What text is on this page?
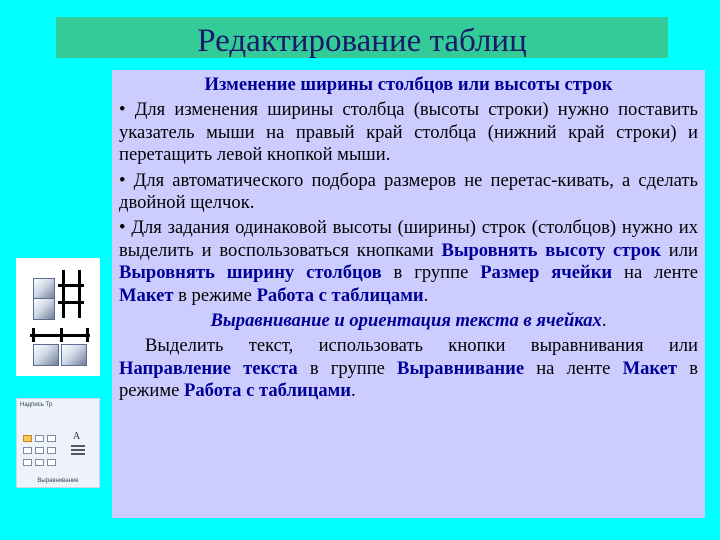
Редактирование таблиц

Изменение ширины столбцов или высоты строк

• Для изменения ширины столбца (высоты строки) нужно поставить указатель мыши на правый край столбца (нижний край строки) и перетащить левой кнопкой мыши.

• Для автоматического подбора размеров не перетас-кивать, а сделать двойной щелчок.

• Для задания одинаковой высоты (ширины) строк (столбцов) нужно их выделить и воспользоваться кнопками Выровнять высоту строк или Выровнять ширину столбцов в группе Размер ячейки на ленте Макет в режиме Работа с таблицами.

Выравнивание и ориентация текста в ячейках.

Выделить текст, использовать кнопки выравнивания или Направление текста в группе Выравнивание на ленте Макет в режиме Работа с таблицами.

Надпись Тр
A
Выравнивание
